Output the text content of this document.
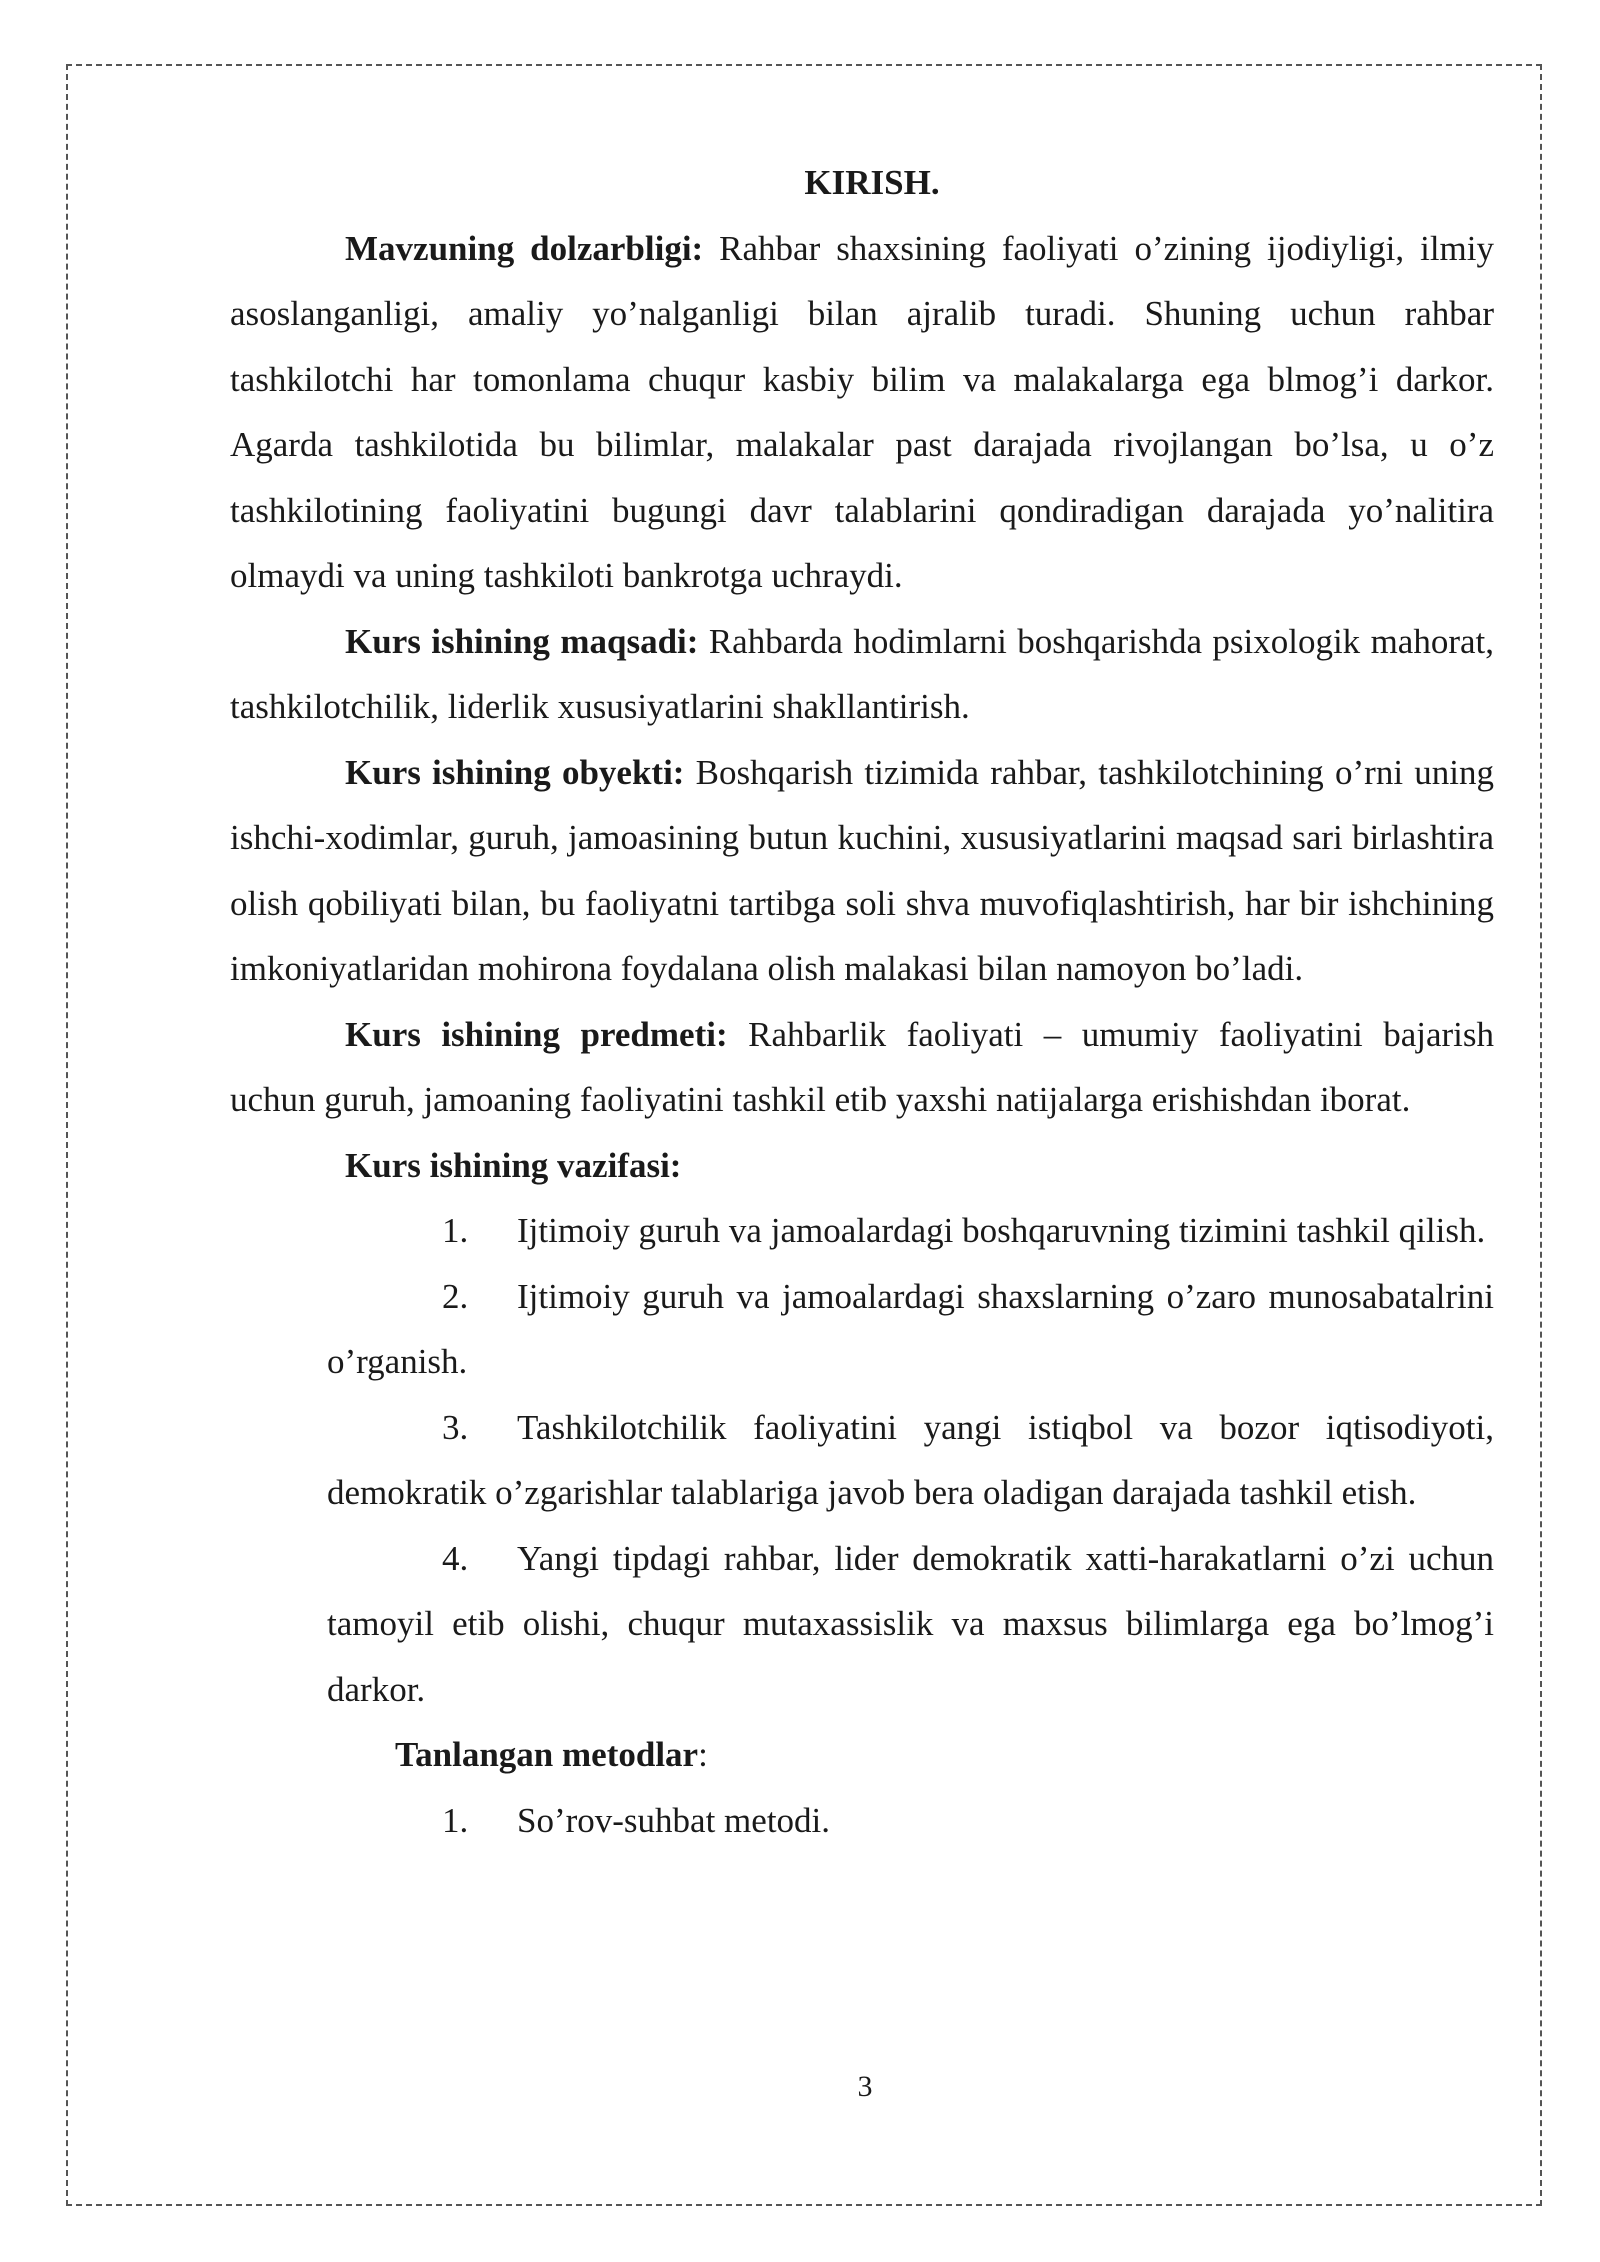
KIRISH.

Mavzuning dolzarbligi: Rahbar shaxsining faoliyati o’zining ijodiyligi, ilmiy asoslanganligi, amaliy yo’nalganligi bilan ajralib turadi. Shuning uchun rahbar tashkilotchi har tomonlama chuqur kasbiy bilim va malakalarga ega blmog’i darkor. Agarda tashkilotida bu bilimlar, malakalar past darajada rivojlangan bo’lsa, u o’z tashkilotining faoliyatini bugungi davr talablarini qondiradigan darajada yo’nalitira olmaydi va uning tashkiloti bankrotga uchraydi.

Kurs ishining maqsadi: Rahbarda hodimlarni boshqarishda psixologik mahorat, tashkilotchilik, liderlik xususiyatlarini shakllantirish.

Kurs ishining obyekti: Boshqarish tizimida rahbar, tashkilotchining o’rni uning ishchi-xodimlar, guruh, jamoasining butun kuchini, xususiyatlarini maqsad sari birlashtira olish qobiliyati bilan, bu faoliyatni tartibga soli shva muvofiqlashtirish, har bir ishchining imkoniyatlaridan mohirona foydalana olish malakasi bilan namoyon bo’ladi.

Kurs ishining predmeti: Rahbarlik faoliyati – umumiy faoliyatini bajarish uchun guruh, jamoaning faoliyatini tashkil etib yaxshi natijalarga erishishdan iborat.

Kurs ishining vazifasi:

1. Ijtimoiy guruh va jamoalardagi boshqaruvning tizimini tashkil qilish.

2. Ijtimoiy guruh va jamoalardagi shaxslarning o’zaro munosabatalrini o’rganish.

3. Tashkilotchilik faoliyatini yangi istiqbol va bozor iqtisodiyoti, demokratik o’zgarishlar talablariga javob bera oladigan darajada tashkil etish.

4. Yangi tipdagi rahbar, lider demokratik xatti-harakatlarni o’zi uchun tamoyil etib olishi, chuqur mutaxassislik va maxsus bilimlarga ega bo’lmog’i darkor.

Tanlangan metodlar:

1. So’rov-suhbat metodi.

3
